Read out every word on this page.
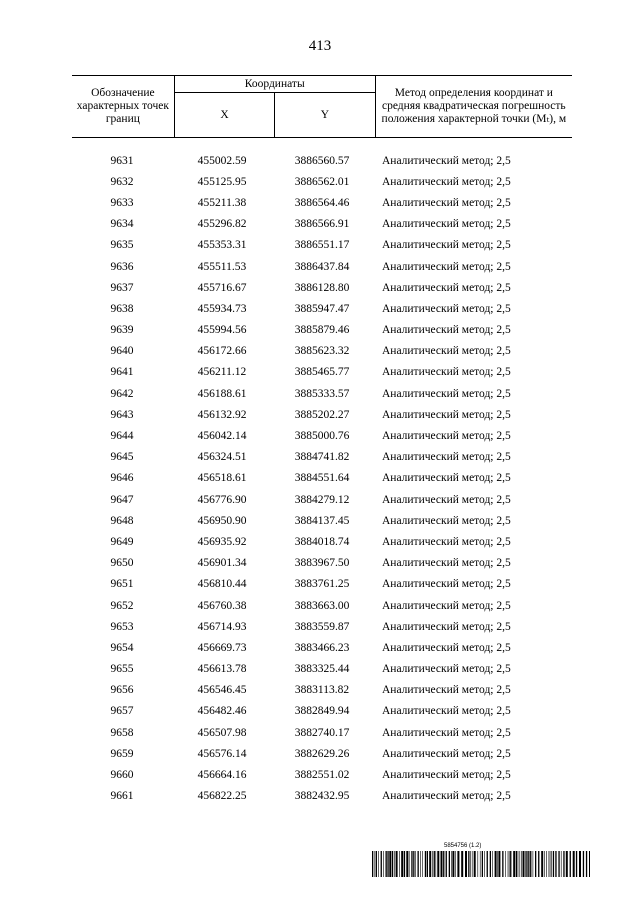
413
Обозначение характерных точек границ	Координаты		Метод определения координат и средняя квадратическая погрешность положения характерной точки (Mₜ), м
	X	Y	
9631	455002.59	3886560.57	Аналитический метод; 2,5
9632	455125.95	3886562.01	Аналитический метод; 2,5
9633	455211.38	3886564.46	Аналитический метод; 2,5
9634	455296.82	3886566.91	Аналитический метод; 2,5
9635	455353.31	3886551.17	Аналитический метод; 2,5
9636	455511.53	3886437.84	Аналитический метод; 2,5
9637	455716.67	3886128.80	Аналитический метод; 2,5
9638	455934.73	3885947.47	Аналитический метод; 2,5
9639	455994.56	3885879.46	Аналитический метод; 2,5
9640	456172.66	3885623.32	Аналитический метод; 2,5
9641	456211.12	3885465.77	Аналитический метод; 2,5
9642	456188.61	3885333.57	Аналитический метод; 2,5
9643	456132.92	3885202.27	Аналитический метод; 2,5
9644	456042.14	3885000.76	Аналитический метод; 2,5
9645	456324.51	3884741.82	Аналитический метод; 2,5
9646	456518.61	3884551.64	Аналитический метод; 2,5
9647	456776.90	3884279.12	Аналитический метод; 2,5
9648	456950.90	3884137.45	Аналитический метод; 2,5
9649	456935.92	3884018.74	Аналитический метод; 2,5
9650	456901.34	3883967.50	Аналитический метод; 2,5
9651	456810.44	3883761.25	Аналитический метод; 2,5
9652	456760.38	3883663.00	Аналитический метод; 2,5
9653	456714.93	3883559.87	Аналитический метод; 2,5
9654	456669.73	3883466.23	Аналитический метод; 2,5
9655	456613.78	3883325.44	Аналитический метод; 2,5
9656	456546.45	3883113.82	Аналитический метод; 2,5
9657	456482.46	3882849.94	Аналитический метод; 2,5
9658	456507.98	3882740.17	Аналитический метод; 2,5
9659	456576.14	3882629.26	Аналитический метод; 2,5
9660	456664.16	3882551.02	Аналитический метод; 2,5
9661	456822.25	3882432.95	Аналитический метод; 2,5
5854756 (1.2)
